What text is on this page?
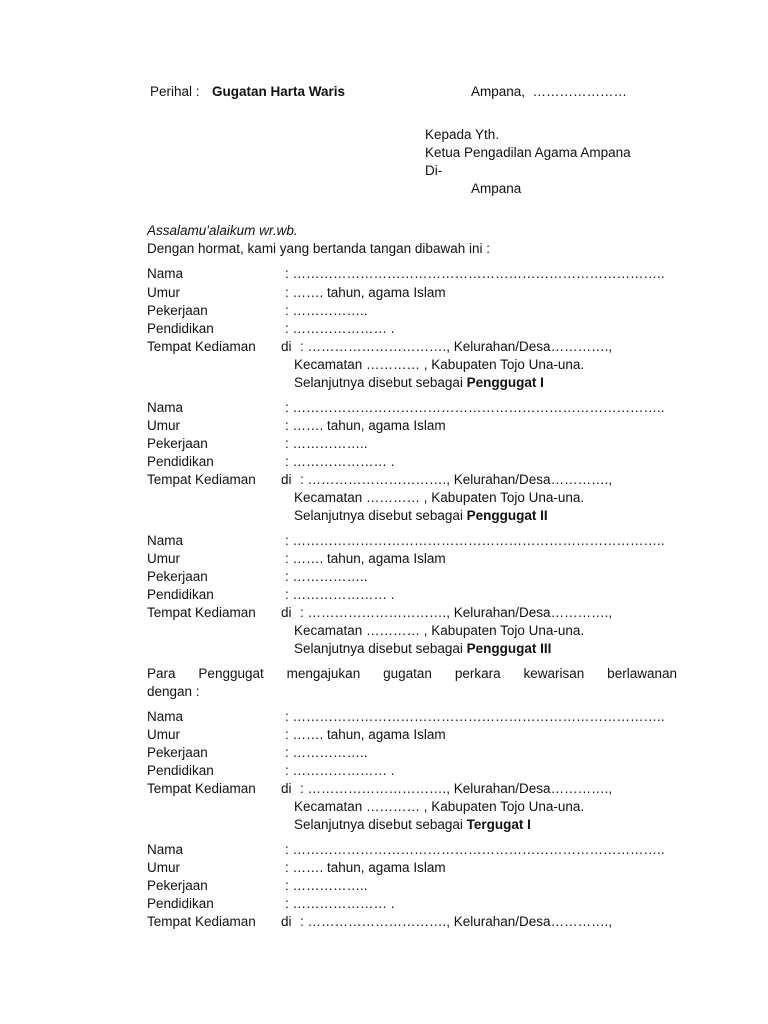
Perihal : Gugatan Harta Waris	Ampana,  …………………
Kepada Yth.
Ketua Pengadilan Agama Ampana
Di-
Ampana
Assalamu'alaikum wr.wb.
Dengan hormat, kami yang bertanda tangan dibawah ini :
Nama	: ………………………………………………………………………..
Umur	: ……. tahun, agama Islam
Pekerjaan	: ……………..
Pendidikan	: ………………… .
Tempat Kediaman di : …………………………., Kelurahan/Desa………….,
Kecamatan ………… , Kabupaten Tojo Una-una.
Selanjutnya disebut sebagai Penggugat I
Nama	: ………………………………………………………………………..
Umur	: ……. tahun, agama Islam
Pekerjaan	: ……………..
Pendidikan	: ………………… .
Tempat Kediaman di : …………………………., Kelurahan/Desa………….,
Kecamatan ………… , Kabupaten Tojo Una-una.
Selanjutnya disebut sebagai Penggugat II
Nama	: ………………………………………………………………………..
Umur	: ……. tahun, agama Islam
Pekerjaan	: ……………..
Pendidikan	: ………………… .
Tempat Kediaman di : …………………………., Kelurahan/Desa………….,
Kecamatan ………… , Kabupaten Tojo Una-una.
Selanjutnya disebut sebagai Penggugat III
Para Penggugat mengajukan gugatan perkara kewarisan berlawanan
dengan :
Nama	: ………………………………………………………………………..
Umur	: ……. tahun, agama Islam
Pekerjaan	: ……………..
Pendidikan	: ………………… .
Tempat Kediaman di : …………………………., Kelurahan/Desa………….,
Kecamatan ………… , Kabupaten Tojo Una-una.
Selanjutnya disebut sebagai Tergugat I
Nama	: ………………………………………………………………………..
Umur	: ……. tahun, agama Islam
Pekerjaan	: ……………..
Pendidikan	: ………………… .
Tempat Kediaman di : …………………………., Kelurahan/Desa………….,
